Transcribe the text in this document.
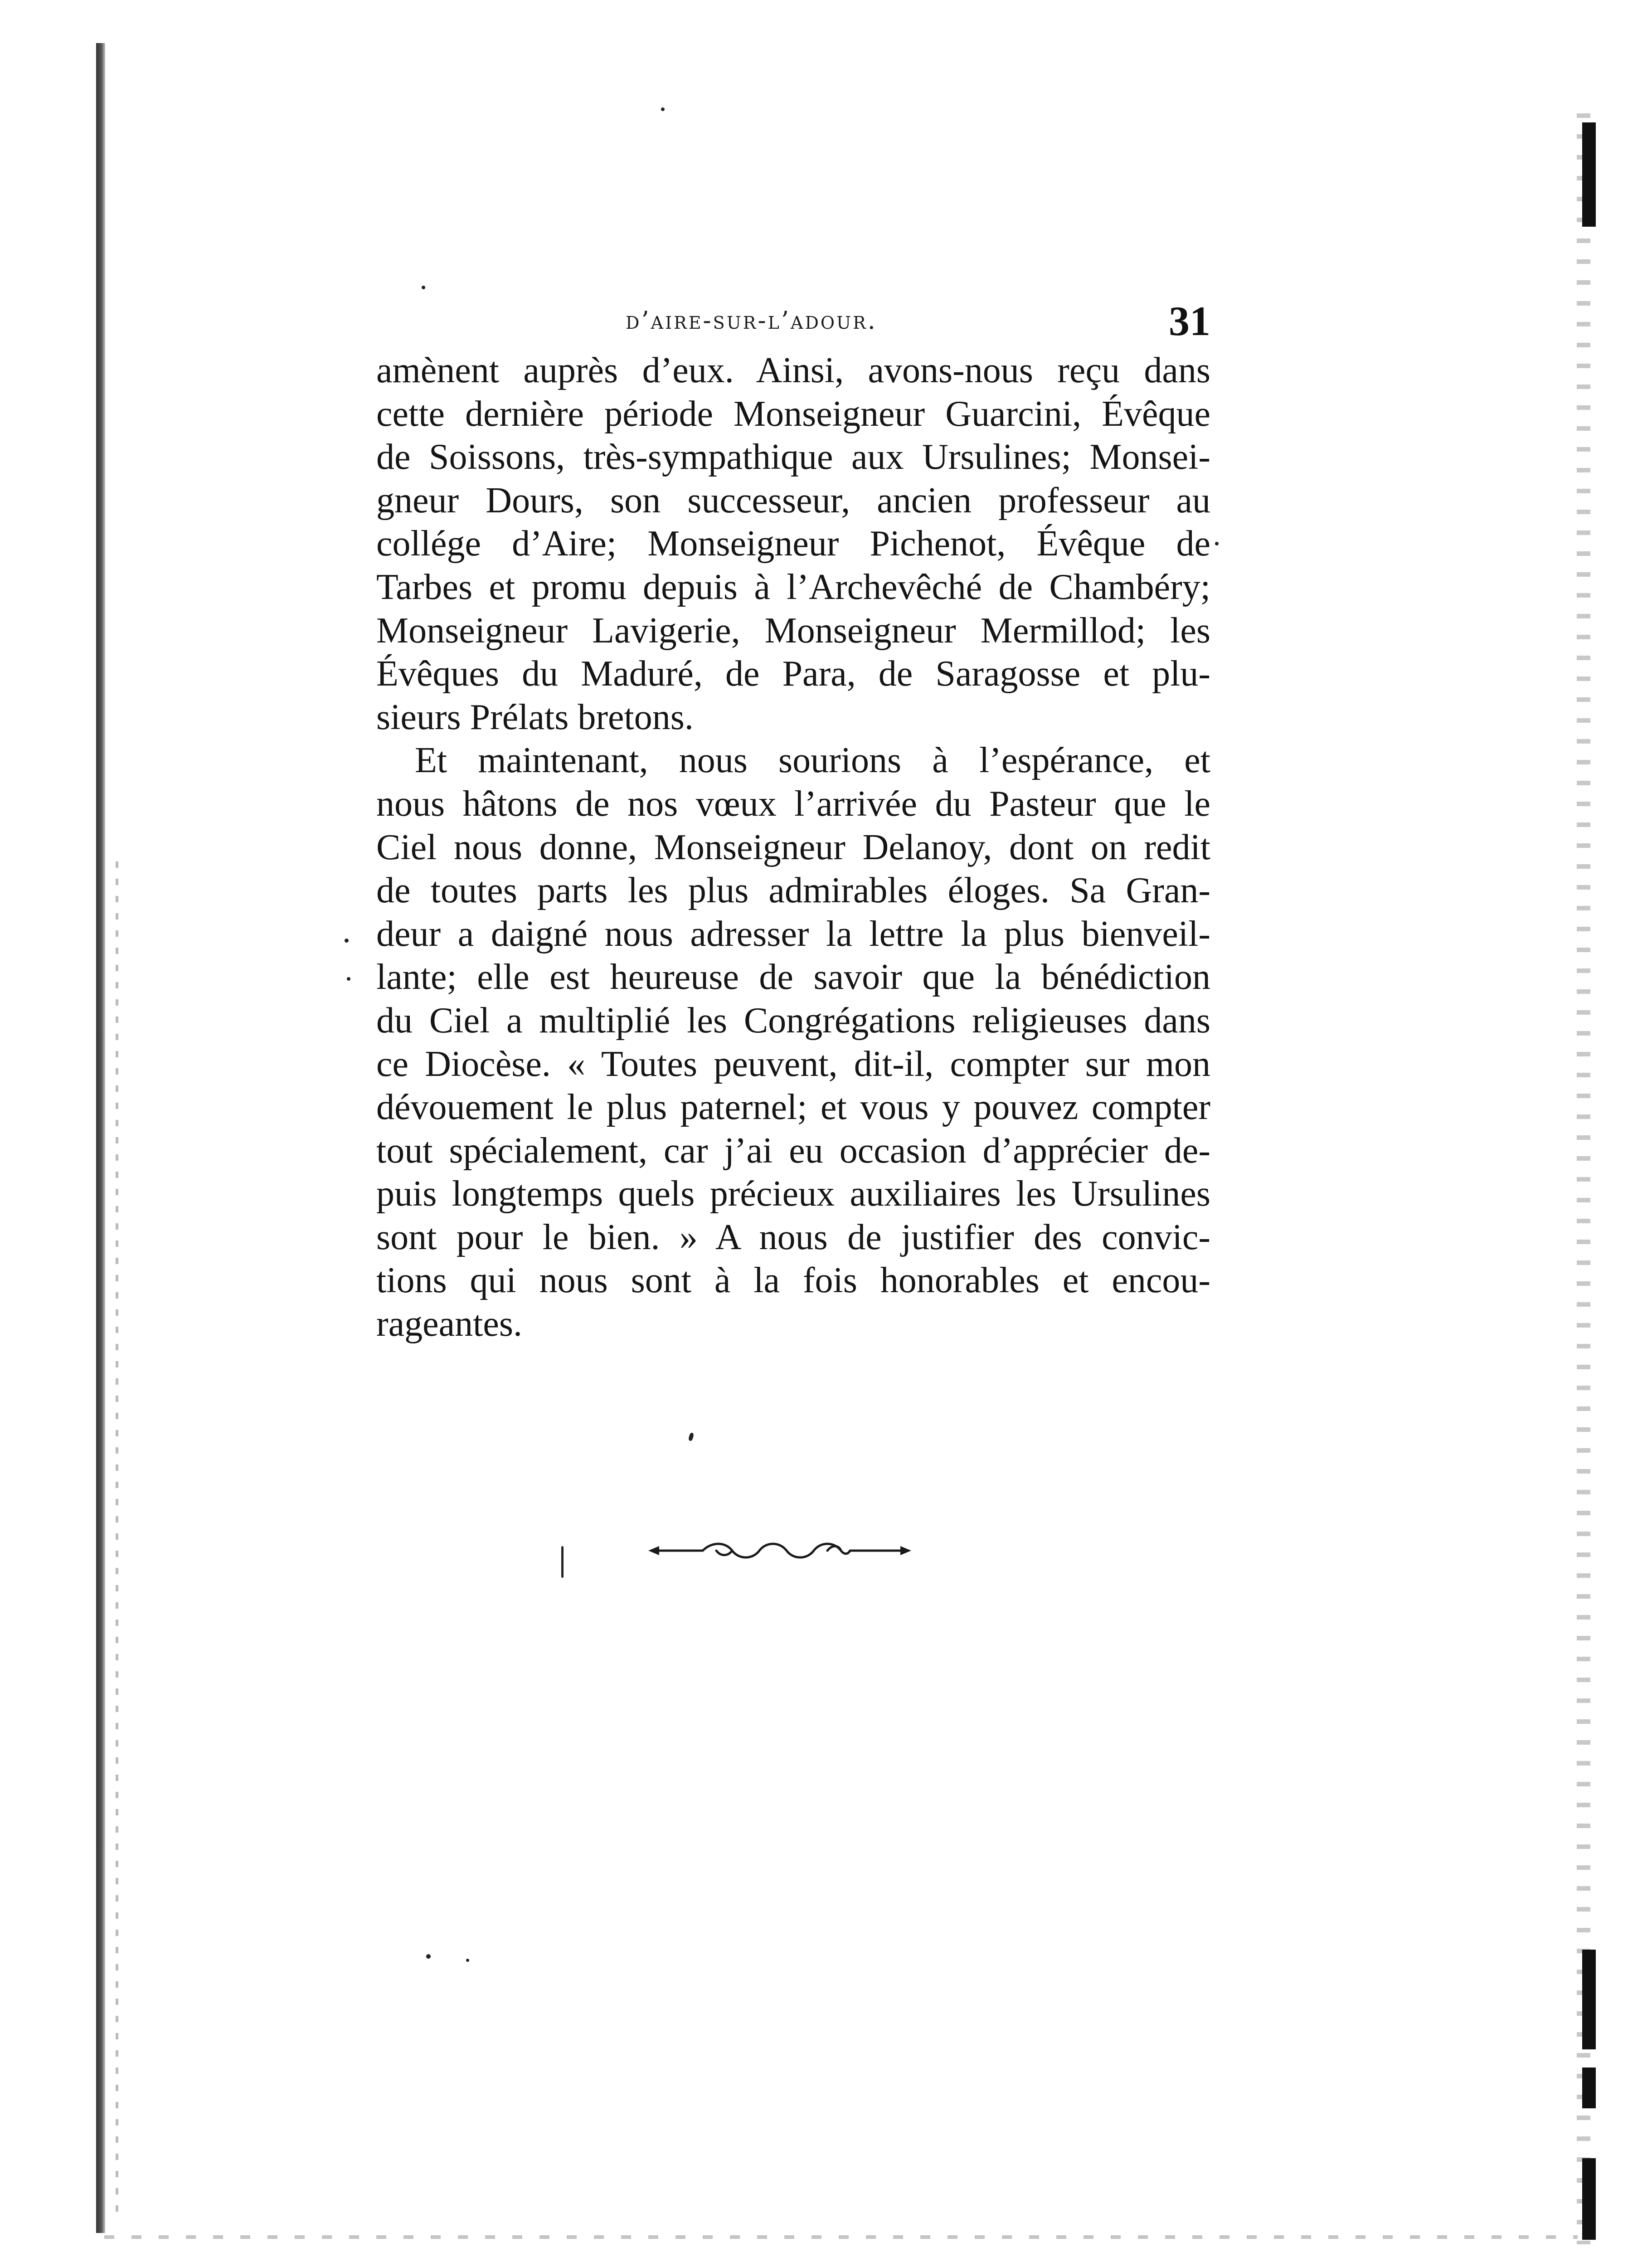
d’aire-sur-l’adour.	31
amènent auprès d’eux. Ainsi, avons-nous reçu dans
cette dernière période Monseigneur Guarcini, Évêque
de Soissons, très-sympathique aux Ursulines; Monsei-
gneur Dours, son successeur, ancien professeur au
collége d’Aire; Monseigneur Pichenot, Évêque de
Tarbes et promu depuis à l’Archevêché de Chambéry;
Monseigneur Lavigerie, Monseigneur Mermillod; les
Évêques du Maduré, de Para, de Saragosse et plu-
sieurs Prélats bretons.
Et maintenant, nous sourions à l’espérance, et
nous hâtons de nos vœux l’arrivée du Pasteur que le
Ciel nous donne, Monseigneur Delanoy, dont on redit
de toutes parts les plus admirables éloges. Sa Gran-
deur a daigné nous adresser la lettre la plus bienveil-
lante; elle est heureuse de savoir que la bénédiction
du Ciel a multiplié les Congrégations religieuses dans
ce Diocèse. « Toutes peuvent, dit-il, compter sur mon
dévouement le plus paternel; et vous y pouvez compter
tout spécialement, car j’ai eu occasion d’apprécier de-
puis longtemps quels précieux auxiliaires les Ursulines
sont pour le bien. » A nous de justifier des convic-
tions qui nous sont à la fois honorables et encou-
rageantes.
